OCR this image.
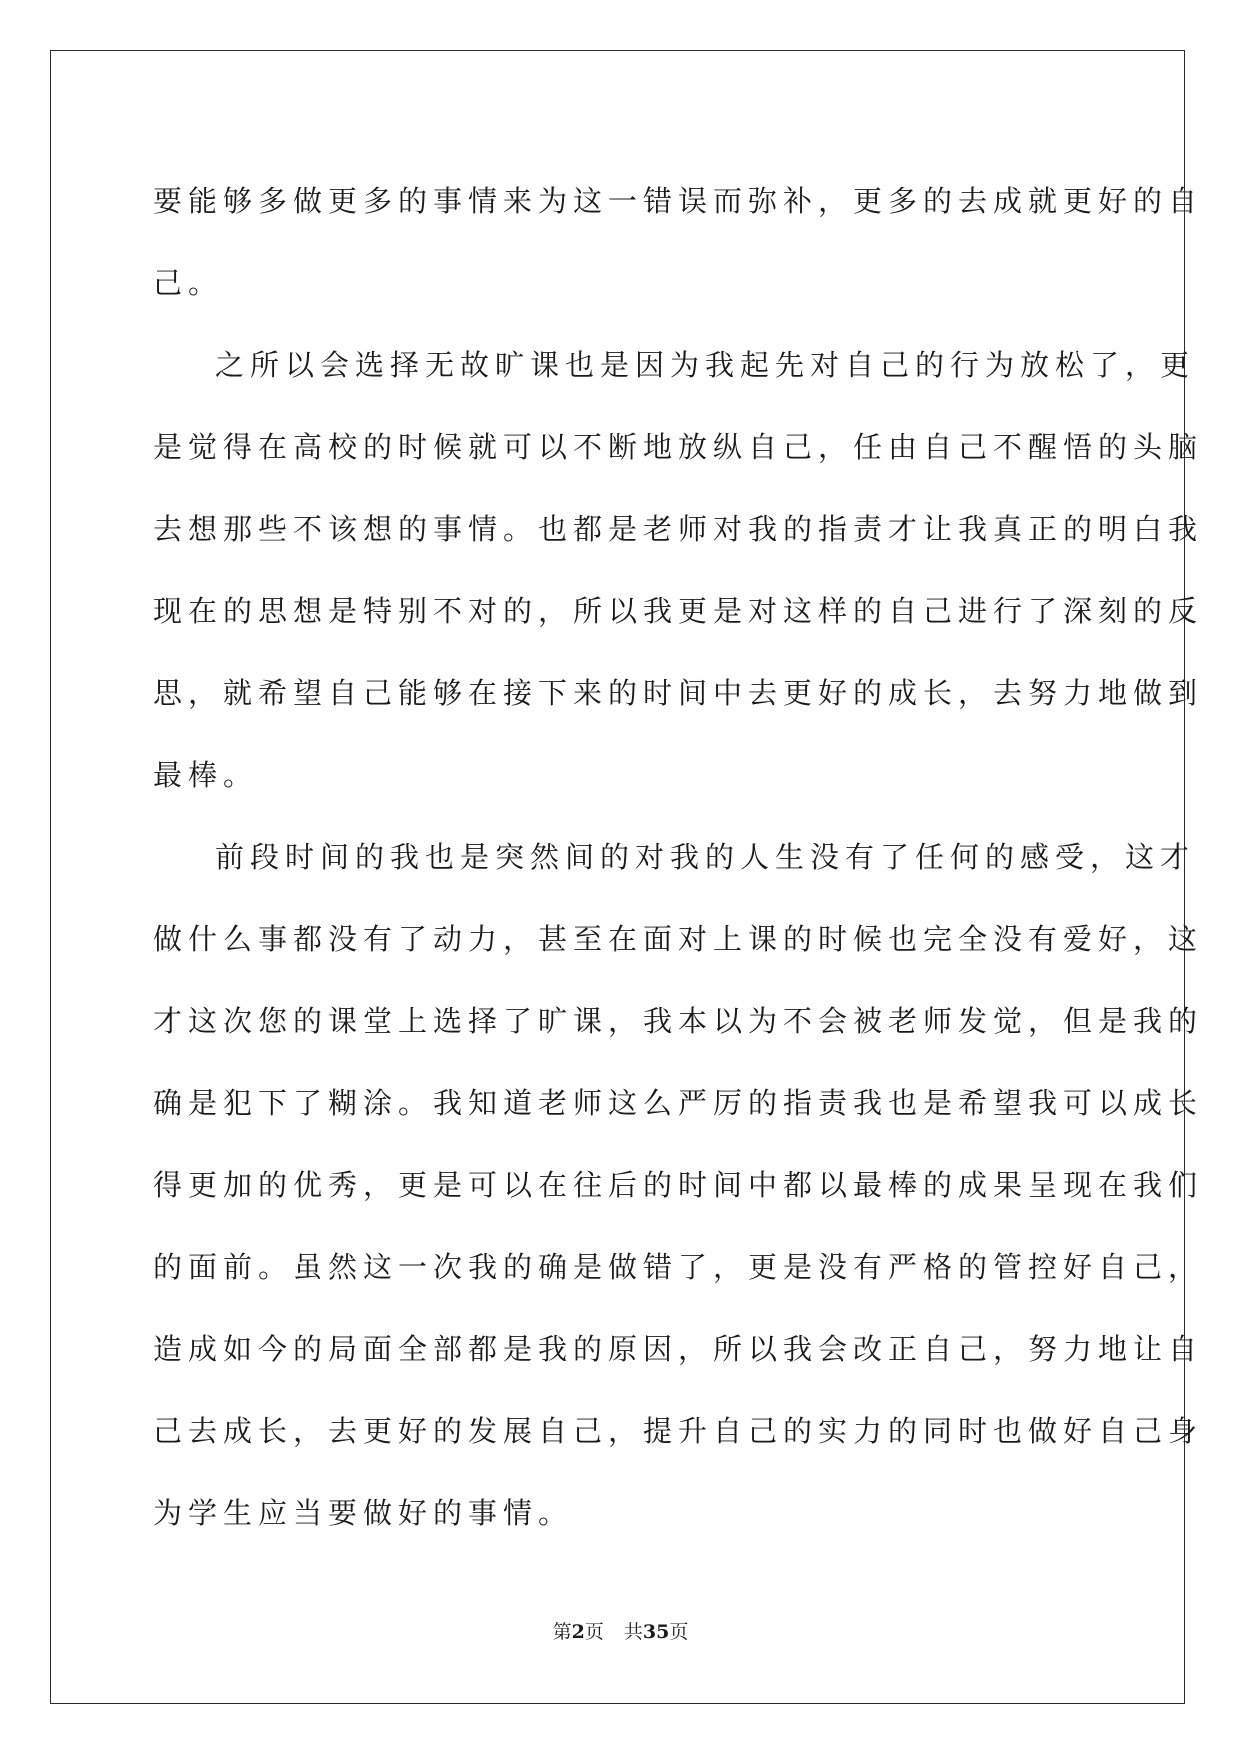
要能够多做更多的事情来为这一错误而弥补，更多的去成就更好的自
己。
之所以会选择无故旷课也是因为我起先对自己的行为放松了，更
是觉得在高校的时候就可以不断地放纵自己，任由自己不醒悟的头脑
去想那些不该想的事情。也都是老师对我的指责才让我真正的明白我
现在的思想是特别不对的，所以我更是对这样的自己进行了深刻的反
思，就希望自己能够在接下来的时间中去更好的成长，去努力地做到
最棒。
前段时间的我也是突然间的对我的人生没有了任何的感受，这才
做什么事都没有了动力，甚至在面对上课的时候也完全没有爱好，这
才这次您的课堂上选择了旷课，我本以为不会被老师发觉，但是我的
确是犯下了糊涂。我知道老师这么严厉的指责我也是希望我可以成长
得更加的优秀，更是可以在往后的时间中都以最棒的成果呈现在我们
的面前。虽然这一次我的确是做错了，更是没有严格的管控好自己，
造成如今的局面全部都是我的原因，所以我会改正自己，努力地让自
己去成长，去更好的发展自己，提升自己的实力的同时也做好自己身
为学生应当要做好的事情。
第2页 共35页
